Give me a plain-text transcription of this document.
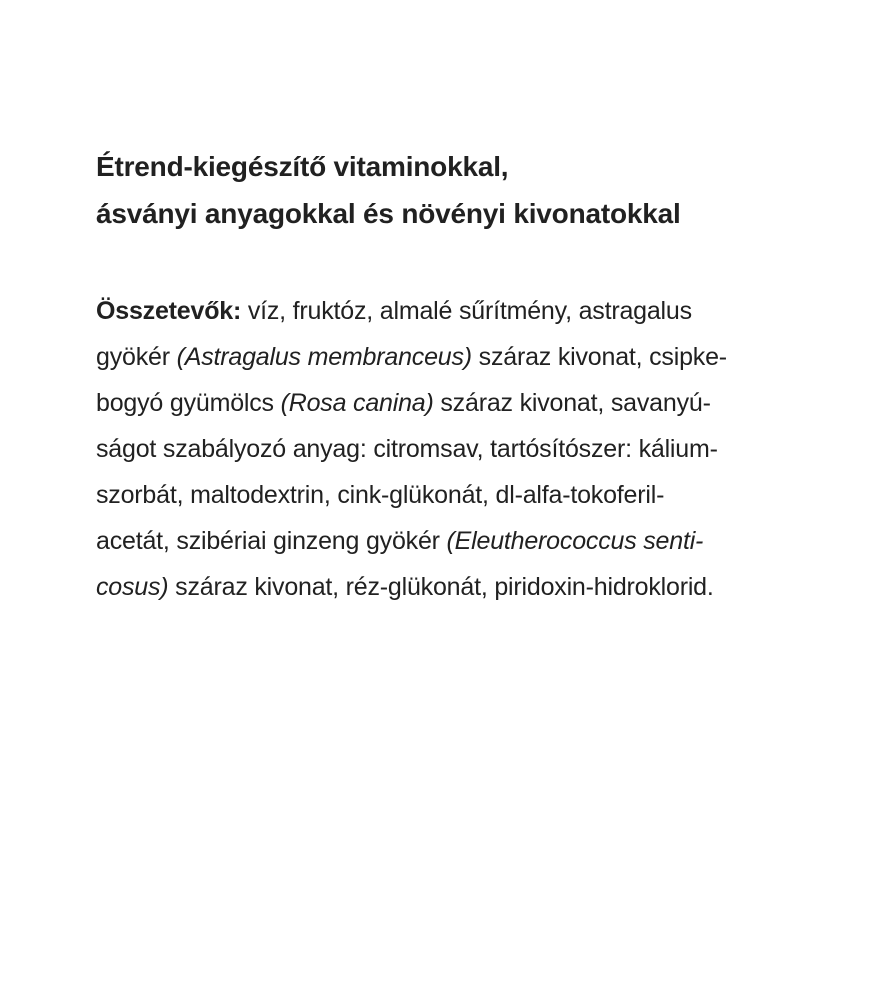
Étrend-kiegészítő vitaminokkal,
ásványi anyagokkal és növényi kivonatokkal
Összetevők: víz, fruktóz, almalé sűrítmény, astragalus
gyökér (Astragalus membranceus) száraz kivonat, csipke-
bogyó gyümölcs (Rosa canina) száraz kivonat, savanyú-
ságot szabályozó anyag: citromsav, tartósítószer: kálium-
szorbát, maltodextrin, cink-glükonát, dl-alfa-tokoferil-
acetát, szibériai ginzeng gyökér (Eleutherococcus senti-
cosus) száraz kivonat, réz-glükonát, piridoxin-hidroklorid.
